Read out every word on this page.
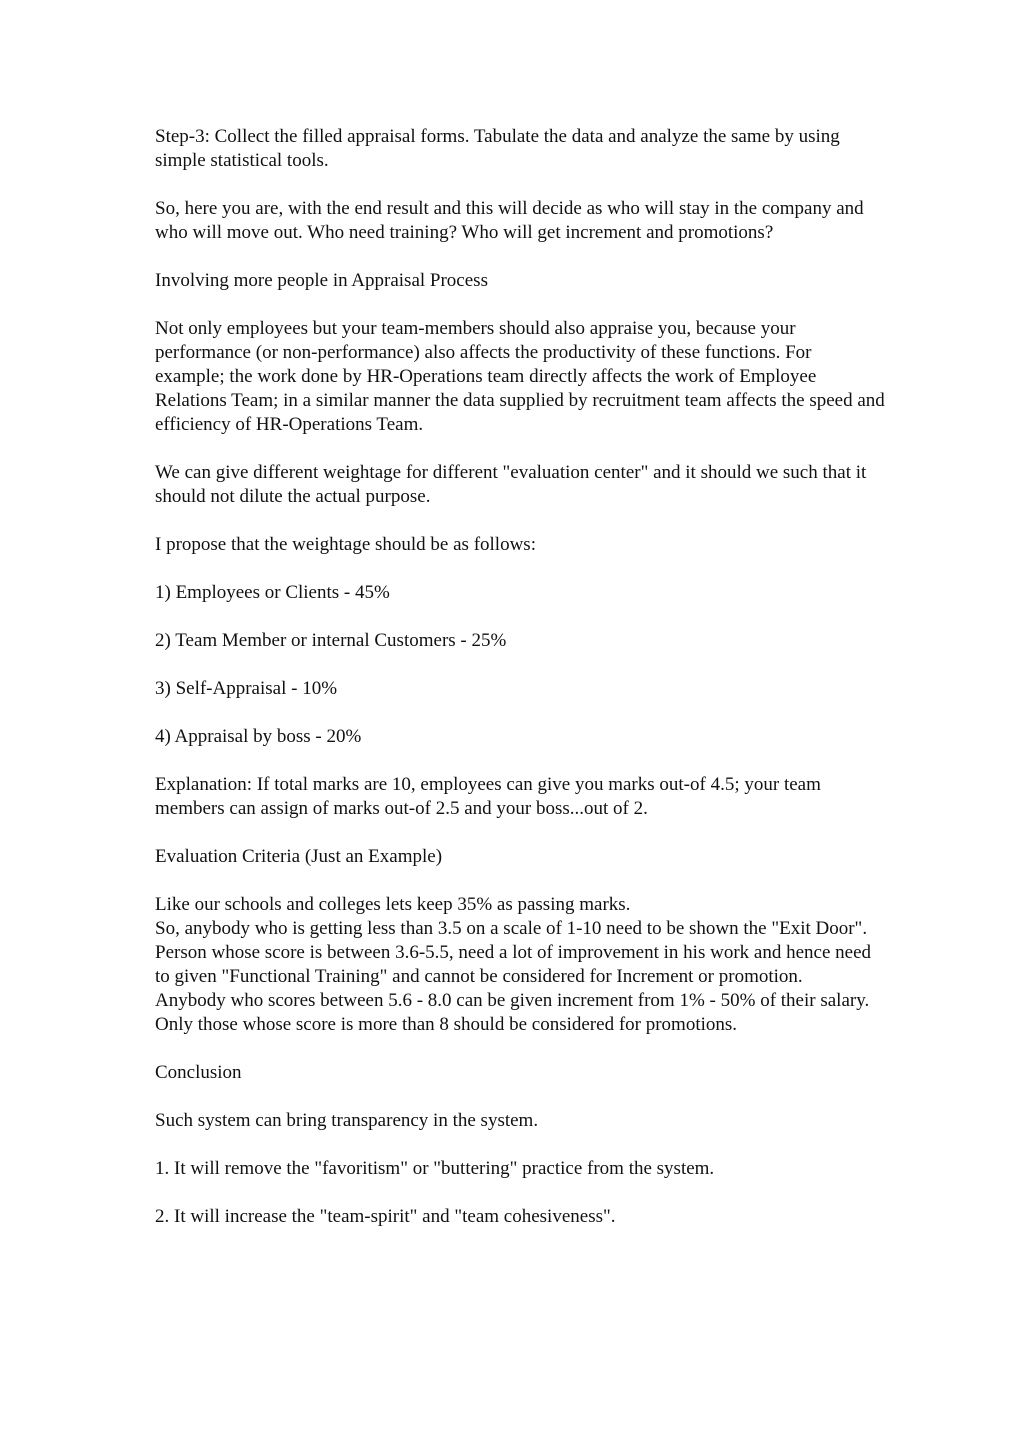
Step-3: Collect the filled appraisal forms. Tabulate the data and analyze the same by using simple statistical tools.

So, here you are, with the end result and this will decide as who will stay in the company and who will move out. Who need training? Who will get increment and promotions?

Involving more people in Appraisal Process

Not only employees but your team-members should also appraise you, because your performance (or non-performance) also affects the productivity of these functions. For example; the work done by HR-Operations team directly affects the work of Employee Relations Team; in a similar manner the data supplied by recruitment team affects the speed and efficiency of HR-Operations Team.

We can give different weightage for different "evaluation center" and it should we such that it should not dilute the actual purpose.

I propose that the weightage should be as follows:

1) Employees or Clients - 45%

2) Team Member or internal Customers - 25%

3) Self-Appraisal - 10%

4) Appraisal by boss - 20%

Explanation: If total marks are 10, employees can give you marks out-of 4.5; your team members can assign of marks out-of 2.5 and your boss...out of 2.

Evaluation Criteria (Just an Example)

Like our schools and colleges lets keep 35% as passing marks.
So, anybody who is getting less than 3.5 on a scale of 1-10 need to be shown the "Exit Door".
Person whose score is between 3.6-5.5, need a lot of improvement in his work and hence need to given "Functional Training" and cannot be considered for Increment or promotion.
Anybody who scores between 5.6 - 8.0 can be given increment from 1% - 50% of their salary.
Only those whose score is more than 8 should be considered for promotions.

Conclusion

Such system can bring transparency in the system.

1. It will remove the "favoritism" or "buttering" practice from the system.

2. It will increase the "team-spirit" and "team cohesiveness".
